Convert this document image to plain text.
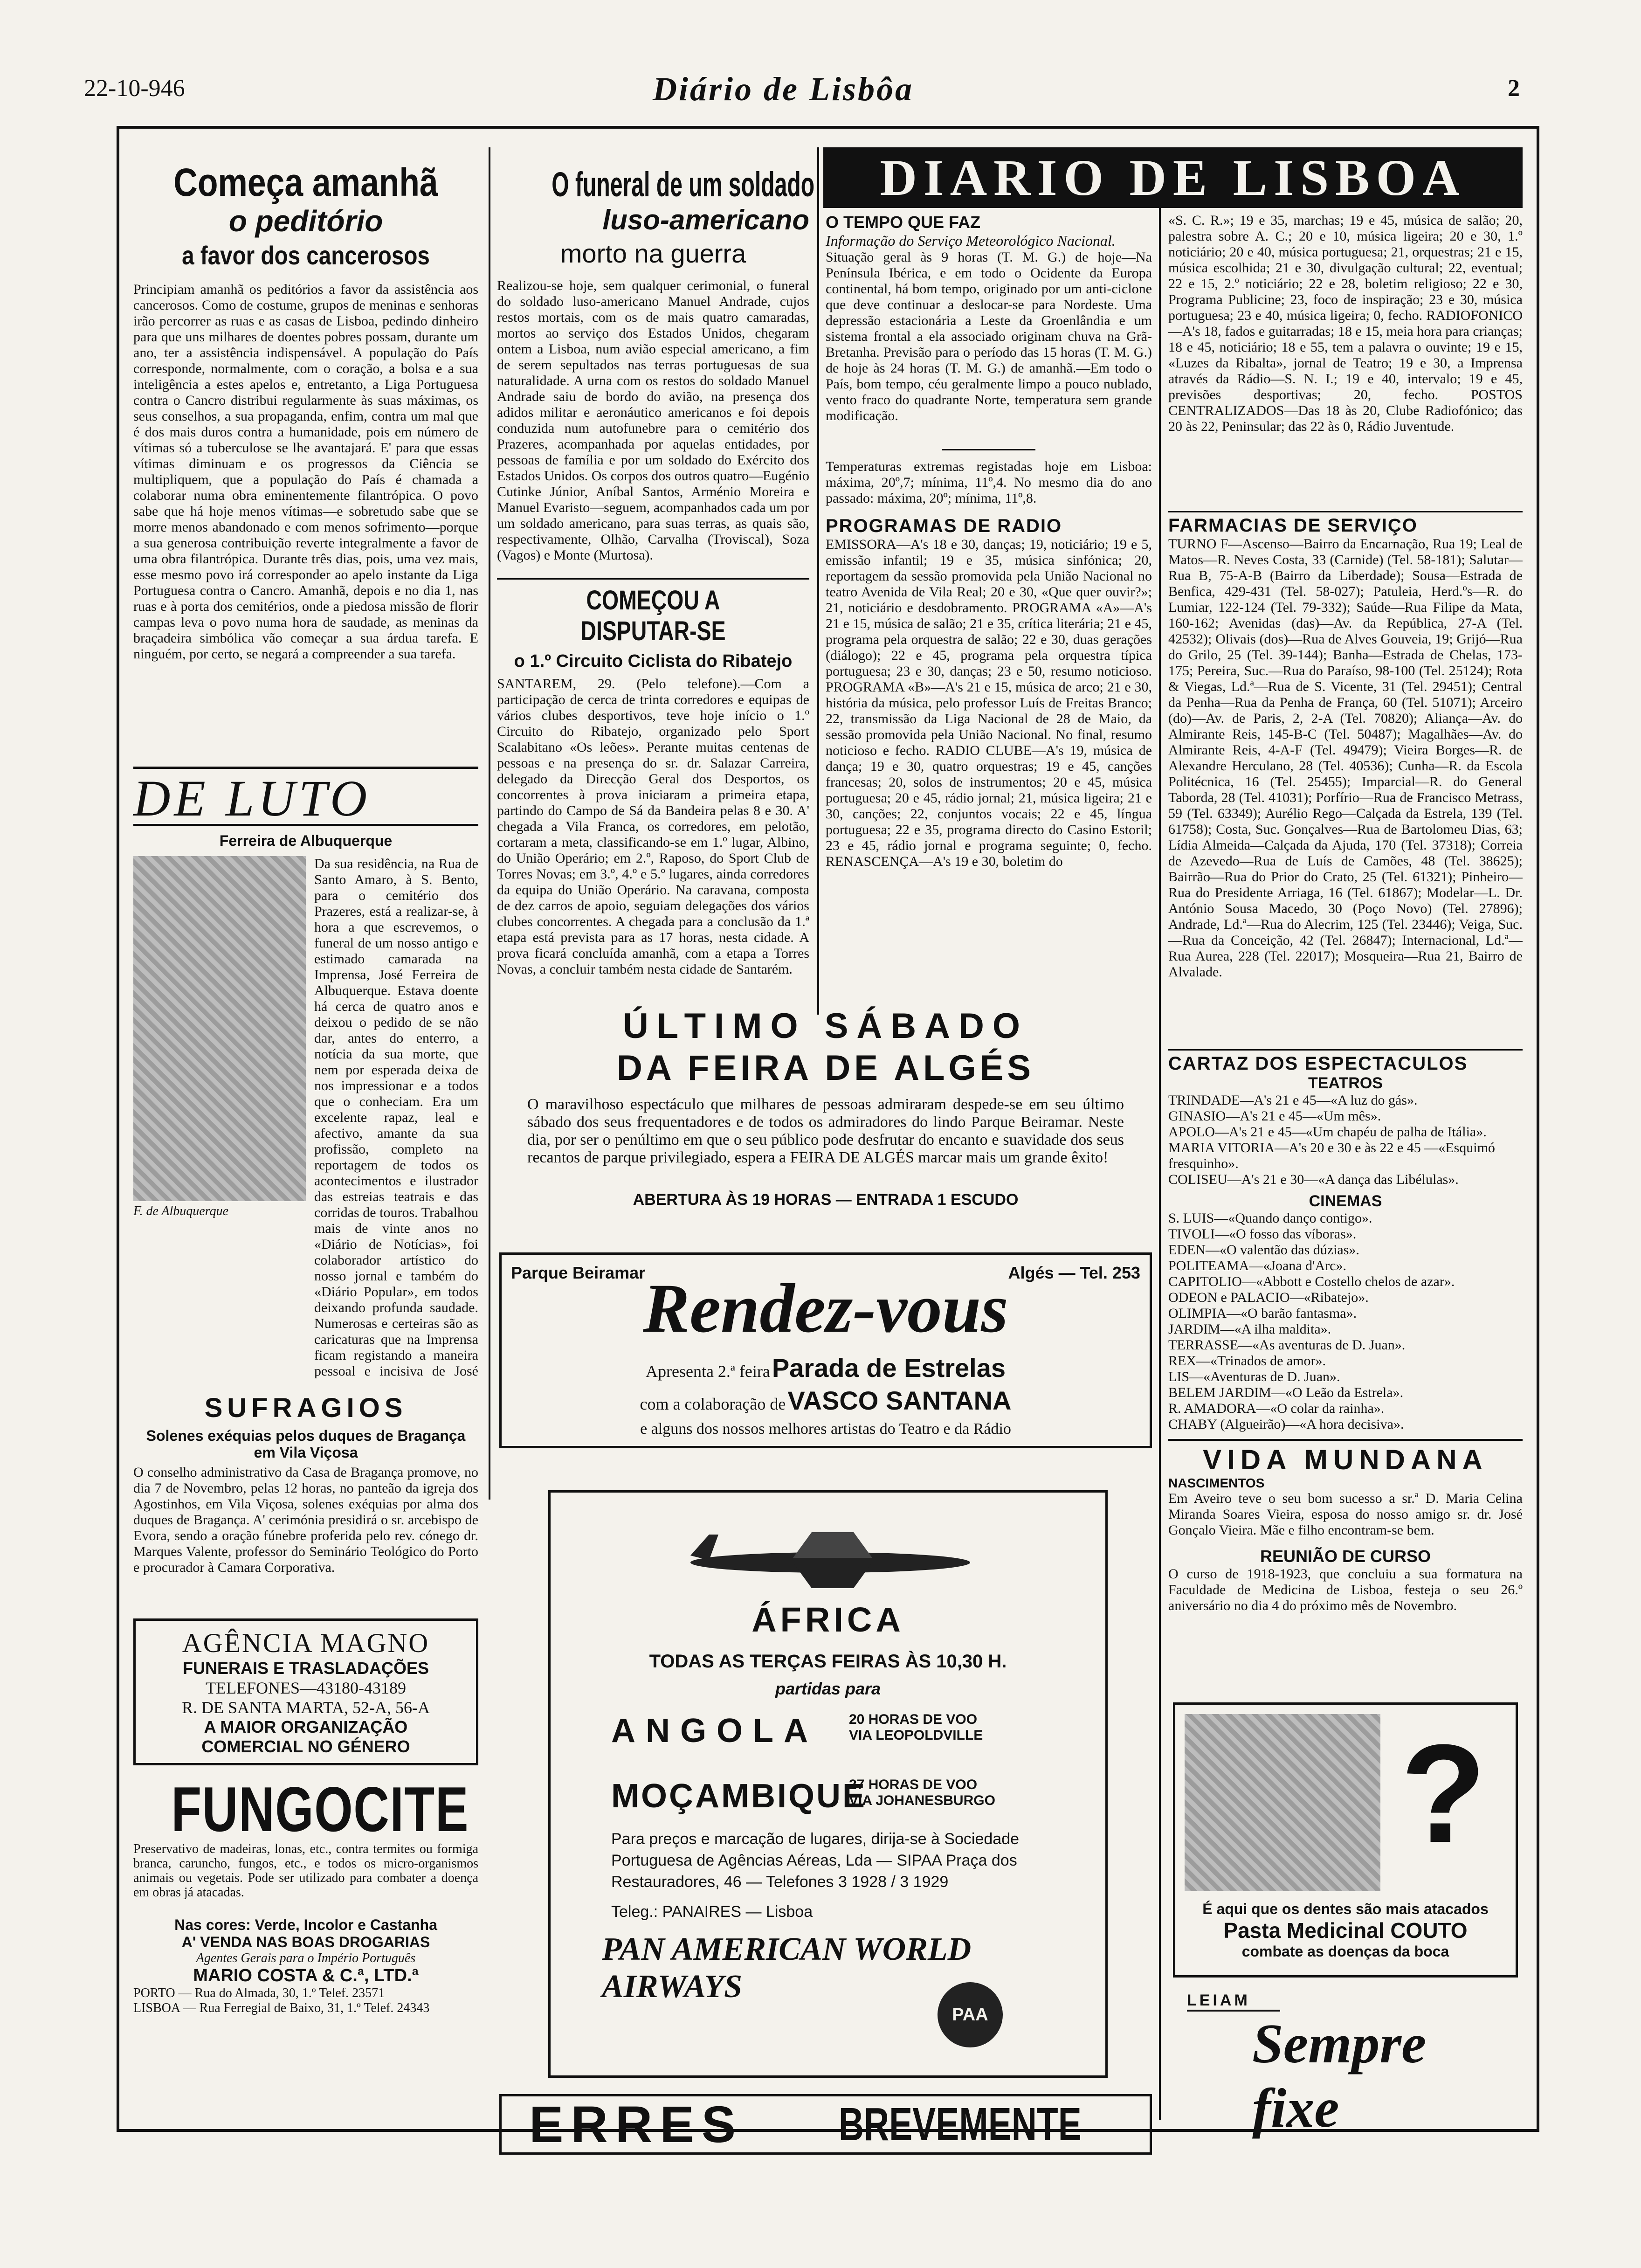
22-10-946	Diário de Lisbôa	2
Começa amanhã
o peditório
a favor dos cancerosos

Principiam amanhã os peditórios a favor da assistência aos cancerosos. Como de costume, grupos de meninas e senhoras irão percorrer as ruas e as casas de Lisboa, pedindo dinheiro para que uns milhares de doentes pobres possam, durante um ano, ter a assistência indispensável. A população do País corresponde, normalmente, com o coração, a bolsa e a sua inteligência a estes apelos e, entretanto, a Liga Portuguesa contra o Cancro distribui regularmente às suas máximas, os seus conselhos, a sua propaganda, enfim, contra um mal que é dos mais duros contra a humanidade, pois em número de vítimas só a tuberculose se lhe avantajará. E' para que essas vítimas diminuam e os progressos da Ciência se multipliquem, que a população do País é chamada a colaborar numa obra eminentemente filantrópica. O povo sabe que há hoje menos vítimas—e sobretudo sabe que se morre menos abandonado e com menos sofrimento—porque a sua generosa contribuição reverte integralmente a favor de uma obra filantrópica. Durante três dias, pois, uma vez mais, esse mesmo povo irá corresponder ao apelo instante da Liga Portuguesa contra o Cancro. Amanhã, depois e no dia 1, nas ruas e à porta dos cemitérios, onde a piedosa missão de florir campas leva o povo numa hora de saudade, as meninas da braçadeira simbólica vão começar a sua árdua tarefa. E ninguém, por certo, se negará a compreender a sua tarefa.

DE LUTO
Ferreira de Albuquerque
F. de Albuquerque

Da sua residência, na Rua de Santo Amaro, à S. Bento, para o cemitério dos Prazeres, está a realizar-se, à hora a que escrevemos, o funeral de um nosso antigo e estimado camarada na Imprensa, José Ferreira de Albuquerque. Estava doente há cerca de quatro anos e deixou o pedido de se não dar, antes do enterro, a notícia da sua morte, que nem por esperada deixa de nos impressionar e a todos que o conheciam. Era um excelente rapaz, leal e afectivo, amante da sua profissão, completo na reportagem de todos os acontecimentos e ilustrador das estreias teatrais e das corridas de touros. Trabalhou mais de vinte anos no «Diário de Notícias», foi colaborador artístico do nosso jornal e também do «Diário Popular», em todos deixando profunda saudade. Numerosas e certeiras são as caricaturas que na Imprensa ficam registando a maneira pessoal e incisiva de José

SUFRAGIOS
Solenes exéquias pelos duques de Bragança em Vila Viçosa

O conselho administrativo da Casa de Bragança promove, no dia 7 de Novembro, pelas 12 horas, no panteão da igreja dos Agostinhos, em Vila Viçosa, solenes exéquias por alma dos duques de Bragança. A' cerimónia presidirá o sr. arcebispo de Evora, sendo a oração fúnebre proferida pelo rev. cónego dr. Marques Valente, professor do Seminário Teológico do Porto e procurador à Camara Corporativa.

AGÊNCIA MAGNO
FUNERAIS E TRASLADAÇÕES
TELEFONES—43180-43189
R. DE SANTA MARTA, 52-A, 56-A
A MAIOR ORGANIZAÇÃO
COMERCIAL NO GÉNERO
FUNGOCITE

Preservativo de madeiras, lonas, etc., contra termites ou formiga branca, caruncho, fungos, etc., e todos os micro-organismos animais ou vegetais. Pode ser utilizado para combater a doença em obras já atacadas.

Nas cores: Verde, Incolor e Castanha
A' VENDA NAS BOAS DROGARIAS
Agentes Gerais para o Império Português
MARIO COSTA & C.ª, LTD.ª
PORTO — Rua do Almada, 30, 1.º Telef. 23571
LISBOA — Rua Ferregial de Baixo, 31, 1.º Telef. 24343
O funeral de um soldado
luso-americano
morto na guerra

Realizou-se hoje, sem qualquer cerimonial, o funeral do soldado luso-americano Manuel Andrade, cujos restos mortais, com os de mais quatro camaradas, mortos ao serviço dos Estados Unidos, chegaram ontem a Lisboa, num avião especial americano, a fim de serem sepultados nas terras portuguesas de sua naturalidade. A urna com os restos do soldado Manuel Andrade saiu de bordo do avião, na presença dos adidos militar e aeronáutico americanos e foi depois conduzida num autofunebre para o cemitério dos Prazeres, acompanhada por aquelas entidades, por pessoas de família e por um soldado do Exército dos Estados Unidos. Os corpos dos outros quatro—Eugénio Cutinke Júnior, Aníbal Santos, Arménio Moreira e Manuel Evaristo—seguem, acompanhados cada um por um soldado americano, para suas terras, as quais são, respectivamente, Olhão, Carvalha (Troviscal), Soza (Vagos) e Monte (Murtosa).

COMEÇOU A DISPUTAR-SE
o 1.º Circuito Ciclista do Ribatejo

SANTAREM, 29. (Pelo telefone).—Com a participação de cerca de trinta corredores e equipas de vários clubes desportivos, teve hoje início o 1.º Circuito do Ribatejo, organizado pelo Sport Scalabitano «Os leões». Perante muitas centenas de pessoas e na presença do sr. dr. Salazar Carreira, delegado da Direcção Geral dos Desportos, os concorrentes à prova iniciaram a primeira etapa, partindo do Campo de Sá da Bandeira pelas 8 e 30. A' chegada a Vila Franca, os corredores, em pelotão, cortaram a meta, classificando-se em 1.º lugar, Albino, do União Operário; em 2.º, Raposo, do Sport Club de Torres Novas; em 3.º, 4.º e 5.º lugares, ainda corredores da equipa do União Operário. Na caravana, composta de dez carros de apoio, seguiam delegações dos vários clubes concorrentes. A chegada para a conclusão da 1.ª etapa está prevista para as 17 horas, nesta cidade. A prova ficará concluída amanhã, com a etapa a Torres Novas, a concluir também nesta cidade de Santarém.

DIARIO DE LISBOA
O TEMPO QUE FAZ
Informação do Serviço Meteorológico Nacional.

Situação geral às 9 horas (T. M. G.) de hoje—Na Península Ibérica, e em todo o Ocidente da Europa continental, há bom tempo, originado por um anti-ciclone que deve continuar a deslocar-se para Nordeste. Uma depressão estacionária a Leste da Groenlândia e um sistema frontal a ela associado originam chuva na Grã-Bretanha. Previsão para o período das 15 horas (T. M. G.) de hoje às 24 horas (T. M. G.) de amanhã.—Em todo o País, bom tempo, céu geralmente limpo a pouco nublado, vento fraco do quadrante Norte, temperatura sem grande modificação.

Temperaturas extremas registadas hoje em Lisboa: máxima, 20º,7; mínima, 11º,4. No mesmo dia do ano passado: máxima, 20º; mínima, 11º,8.

PROGRAMAS DE RADIO

EMISSORA—A's 18 e 30, danças; 19, noticiário; 19 e 5, emissão infantil; 19 e 35, música sinfónica; 20, reportagem da sessão promovida pela União Nacional no teatro Avenida de Vila Real; 20 e 30, «Que quer ouvir?»; 21, noticiário e desdobramento. PROGRAMA «A»—A's 21 e 15, música de salão; 21 e 35, crítica literária; 21 e 45, programa pela orquestra de salão; 22 e 30, duas gerações (diálogo); 22 e 45, programa pela orquestra típica portuguesa; 23 e 30, danças; 23 e 50, resumo noticioso. PROGRAMA «B»—A's 21 e 15, música de arco; 21 e 30, história da música, pelo professor Luís de Freitas Branco; 22, transmissão da Liga Nacional de 28 de Maio, da sessão promovida pela União Nacional. No final, resumo noticioso e fecho. RADIO CLUBE—A's 19, música de dança; 19 e 30, quatro orquestras; 19 e 45, canções francesas; 20, solos de instrumentos; 20 e 45, música portuguesa; 20 e 45, rádio jornal; 21, música ligeira; 21 e 30, canções; 22, conjuntos vocais; 22 e 45, língua portuguesa; 22 e 35, programa directo do Casino Estoril; 23 e 45, rádio jornal e programa seguinte; 0, fecho. RENASCENÇA—A's 19 e 30, boletim do

«S. C. R.»; 19 e 35, marchas; 19 e 45, música de salão; 20, palestra sobre A. C.; 20 e 10, música ligeira; 20 e 30, 1.º noticiário; 20 e 40, música portuguesa; 21, orquestras; 21 e 15, música escolhida; 21 e 30, divulgação cultural; 22, eventual; 22 e 15, 2.º noticiário; 22 e 28, boletim religioso; 22 e 30, Programa Publicine; 23, foco de inspiração; 23 e 30, música portuguesa; 23 e 40, música ligeira; 0, fecho. RADIOFONICO—A's 18, fados e guitarradas; 18 e 15, meia hora para crianças; 18 e 45, noticiário; 18 e 55, tem a palavra o ouvinte; 19 e 15, «Luzes da Ribalta», jornal de Teatro; 19 e 30, a Imprensa através da Rádio—S. N. I.; 19 e 40, intervalo; 19 e 45, previsões desportivas; 20, fecho. POSTOS CENTRALIZADOS—Das 18 às 20, Clube Radiofónico; das 20 às 22, Peninsular; das 22 às 0, Rádio Juventude.

FARMACIAS DE SERVIÇO

TURNO F—Ascenso—Bairro da Encarnação, Rua 19; Leal de Matos—R. Neves Costa, 33 (Carnide) (Tel. 58-181); Salutar—Rua B, 75-A-B (Bairro da Liberdade); Sousa—Estrada de Benfica, 429-431 (Tel. 58-027); Patuleia, Herd.ºs—R. do Lumiar, 122-124 (Tel. 79-332); Saúde—Rua Filipe da Mata, 160-162; Avenidas (das)—Av. da República, 27-A (Tel. 42532); Olivais (dos)—Rua de Alves Gouveia, 19; Grijó—Rua do Grilo, 25 (Tel. 39-144); Banha—Estrada de Chelas, 173-175; Pereira, Suc.—Rua do Paraíso, 98-100 (Tel. 25124); Rota & Viegas, Ld.ª—Rua de S. Vicente, 31 (Tel. 29451); Central da Penha—Rua da Penha de França, 60 (Tel. 51071); Arceiro (do)—Av. de Paris, 2, 2-A (Tel. 70820); Aliança—Av. do Almirante Reis, 145-B-C (Tel. 50487); Magalhães—Av. do Almirante Reis, 4-A-F (Tel. 49479); Vieira Borges—R. de Alexandre Herculano, 28 (Tel. 40536); Cunha—R. da Escola Politécnica, 16 (Tel. 25455); Imparcial—R. do General Taborda, 28 (Tel. 41031); Porfírio—Rua de Francisco Metrass, 59 (Tel. 63349); Aurélio Rego—Calçada da Estrela, 139 (Tel. 61758); Costa, Suc. Gonçalves—Rua de Bartolomeu Dias, 63; Lídia Almeida—Calçada da Ajuda, 170 (Tel. 37318); Correia de Azevedo—Rua de Luís de Camões, 48 (Tel. 38625); Bairrão—Rua do Prior do Crato, 25 (Tel. 61321); Pinheiro—Rua do Presidente Arriaga, 16 (Tel. 61867); Modelar—L. Dr. António Sousa Macedo, 30 (Poço Novo) (Tel. 27896); Andrade, Ld.ª—Rua do Alecrim, 125 (Tel. 23446); Veiga, Suc.—Rua da Conceição, 42 (Tel. 26847); Internacional, Ld.ª—Rua Aurea, 228 (Tel. 22017); Mosqueira—Rua 21, Bairro de Alvalade.

CARTAZ DOS ESPECTACULOS
TEATROS
TRINDADE—A's 21 e 45—«A luz do gás».
GINASIO—A's 21 e 45—«Um mês».
APOLO—A's 21 e 45—«Um chapéu de palha de Itália».
MARIA VITORIA—A's 20 e 30 e às 22 e 45 —«Esquimó fresquinho».
COLISEU—A's 21 e 30—«A dança das Libélulas».
CINEMAS
S. LUIS—«Quando danço contigo».
TIVOLI—«O fosso das víboras».
EDEN—«O valentão das dúzias».
POLITEAMA—«Joana d'Arc».
CAPITOLIO—«Abbott e Costello chelos de azar».
ODEON e PALACIO—«Ribatejo».
OLIMPIA—«O barão fantasma».
JARDIM—«A ilha maldita».
TERRASSE—«As aventuras de D. Juan».
REX—«Trinados de amor».
LIS—«Aventuras de D. Juan».
BELEM JARDIM—«O Leão da Estrela».
R. AMADORA—«O colar da rainha».
CHABY (Algueirão)—«A hora decisiva».
VIDA MUNDANA
NASCIMENTOS

Em Aveiro teve o seu bom sucesso a sr.ª D. Maria Celina Miranda Soares Vieira, esposa do nosso amigo sr. dr. José Gonçalo Vieira. Mãe e filho encontram-se bem.

REUNIÃO DE CURSO

O curso de 1918-1923, que concluiu a sua formatura na Faculdade de Medicina de Lisboa, festeja o seu 26.º aniversário no dia 4 do próximo mês de Novembro.

?
É aqui que os dentes são mais atacados
Pasta Medicinal COUTO
combate as doenças da boca
LEIAM
Sempre fixe
ÚLTIMO SÁBADO
DA FEIRA DE ALGÉS

O maravilhoso espectáculo que milhares de pessoas admiraram despede-se em seu último sábado dos seus frequentadores e de todos os admiradores do lindo Parque Beiramar. Neste dia, por ser o penúltimo em que o seu público pode desfrutar do encanto e suavidade dos seus recantos de parque privilegiado, espera a FEIRA DE ALGÉS marcar mais um grande êxito!

ABERTURA ÀS 19 HORAS — ENTRADA 1 ESCUDO
Parque Beiramar	Algés — Tel. 253
Rendez-vous
Apresenta 2.ª feira Parada de Estrelas
com a colaboração de VASCO SANTANA
e alguns dos nossos melhores artistas do Teatro e da Rádio
ÁFRICA
TODAS AS TERÇAS FEIRAS ÀS 10,30 H.
partidas para
ANGOLA 20 HORAS DE VOO VIA LEOPOLDVILLE
MOÇAMBIQUE
27 HORAS DE VOO VIA JOHANESBURGO
Para preços e marcação de lugares, dirija-se à Sociedade Portuguesa de Agências Aéreas, Lda — SIPAA Praça dos Restauradores, 46 — Telefones 3 1928 / 3 1929
Teleg.: PANAIRES — Lisboa
PAN AMERICAN WORLD AIRWAYS
PAA
ERRES BREVEMENTE
